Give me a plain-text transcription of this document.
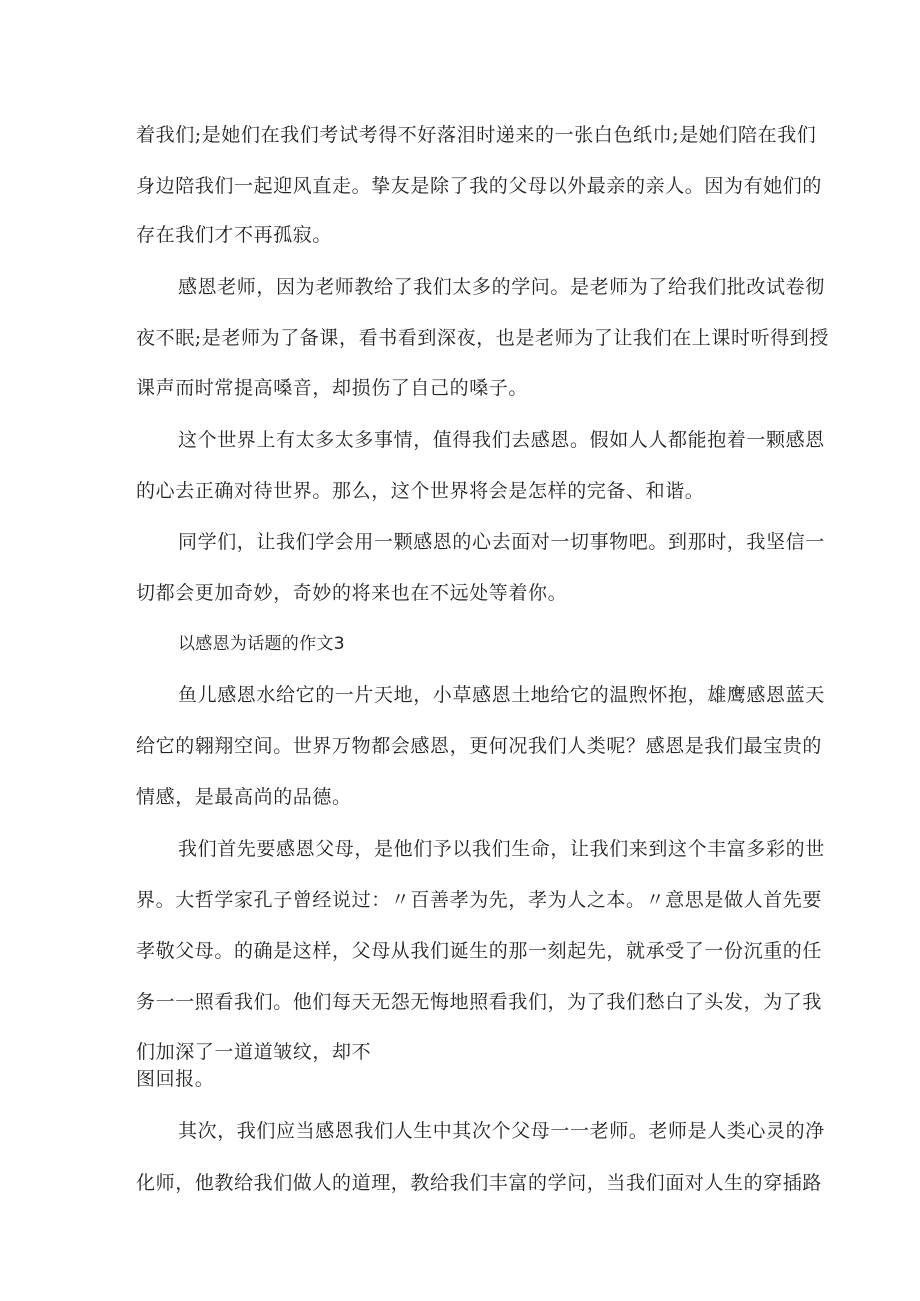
着我们;是她们在我们考试考得不好落泪时递来的一张白色纸巾;是她们陪在我们
身边陪我们一起迎风直走。挚友是除了我的父母以外最亲的亲人。因为有她们的
存在我们才不再孤寂。
感恩老师，因为老师教给了我们太多的学问。是老师为了给我们批改试卷彻
夜不眠;是老师为了备课，看书看到深夜，也是老师为了让我们在上课时听得到授
课声而时常提高嗓音，却损伤了自己的嗓子。
这个世界上有太多太多事情，值得我们去感恩。假如人人都能抱着一颗感恩
的心去正确对待世界。那么，这个世界将会是怎样的完备、和谐。
同学们，让我们学会用一颗感恩的心去面对一切事物吧。到那时，我坚信一
切都会更加奇妙，奇妙的将来也在不远处等着你。
以感恩为话题的作文3
鱼儿感恩水给它的一片天地，小草感恩土地给它的温煦怀抱，雄鹰感恩蓝天
给它的翱翔空间。世界万物都会感恩，更何况我们人类呢？感恩是我们最宝贵的
情感，是最高尚的品德。
我们首先要感恩父母，是他们予以我们生命，让我们来到这个丰富多彩的世
界。大哲学家孔子曾经说过：〃百善孝为先，孝为人之本。〃意思是做人首先要
孝敬父母。的确是这样，父母从我们诞生的那一刻起先，就承受了一份沉重的任
务一一照看我们。他们每天无怨无悔地照看我们，为了我们愁白了头发，为了我
们加深了一道道皱纹，却不
图回报。
其次，我们应当感恩我们人生中其次个父母一一老师。老师是人类心灵的净
化师，他教给我们做人的道理，教给我们丰富的学问，当我们面对人生的穿插路
